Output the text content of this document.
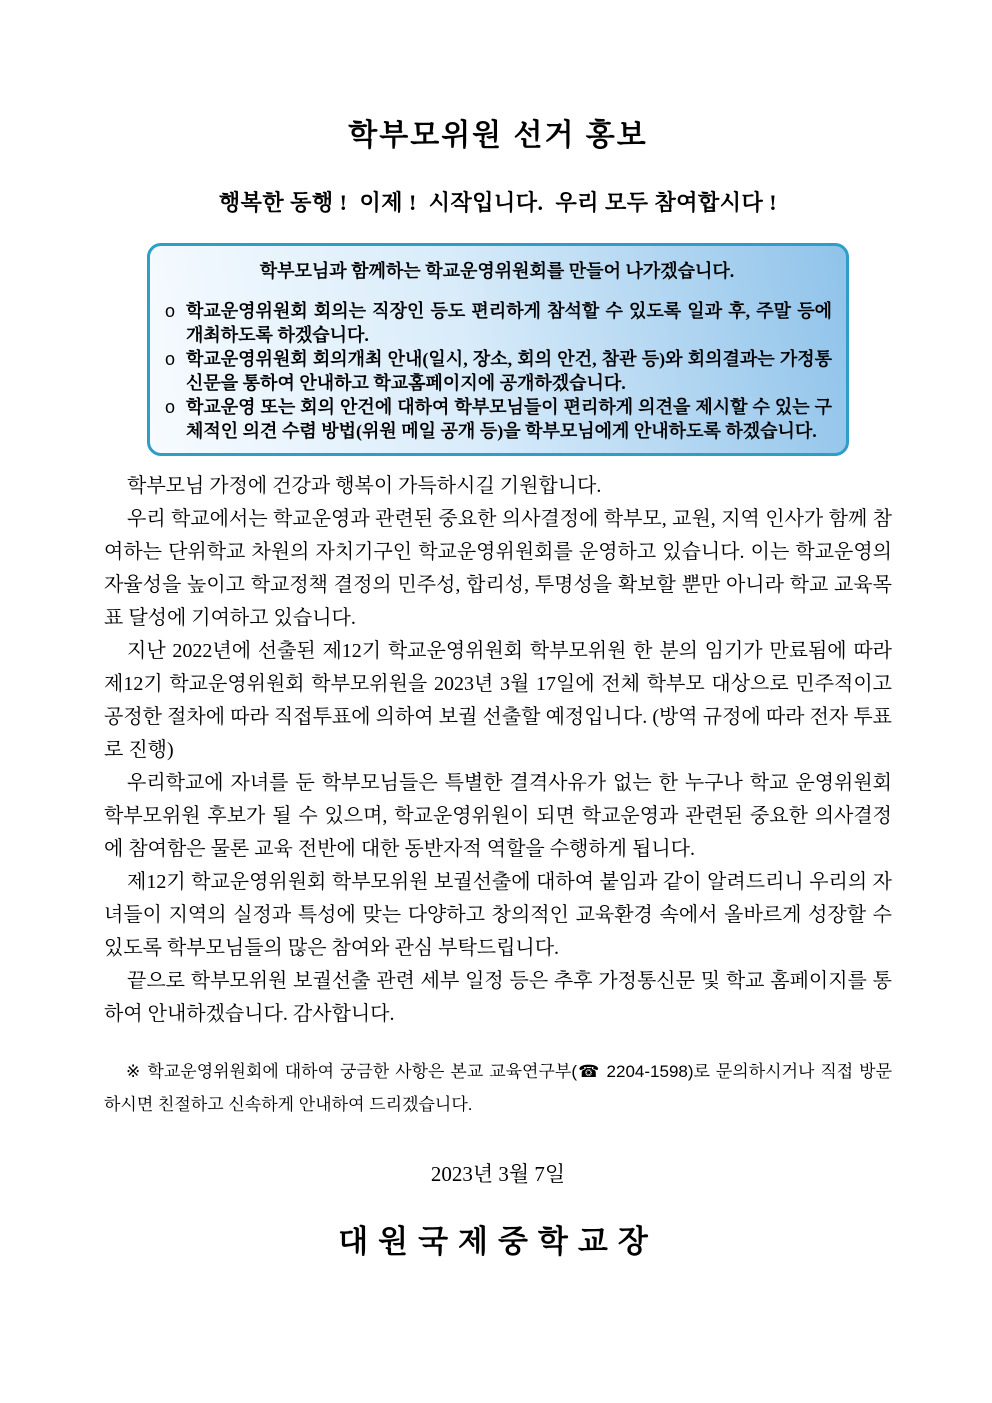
학부모위원 선거 홍보
행복한 동행 !  이제 !  시작입니다.  우리 모두 참여합시다 !
학부모님과 함께하는 학교운영위원회를 만들어 나가겠습니다.
o 학교운영위원회 회의는 직장인 등도 편리하게 참석할 수 있도록 일과 후, 주말 등에 개최하도록 하겠습니다.
o 학교운영위원회 회의개최 안내(일시, 장소, 회의 안건, 참관 등)와 회의결과는 가정통신문을 통하여 안내하고 학교홈페이지에 공개하겠습니다.
o 학교운영 또는 회의 안건에 대하여 학부모님들이 편리하게 의견을 제시할 수 있는 구체적인 의견 수렴 방법(위원 메일 공개 등)을 학부모님에게 안내하도록 하겠습니다.

학부모님 가정에 건강과 행복이 가득하시길 기원합니다.

우리 학교에서는 학교운영과 관련된 중요한 의사결정에 학부모, 교원, 지역 인사가 함께 참여하는 단위학교 차원의 자치기구인 학교운영위원회를 운영하고 있습니다. 이는 학교운영의 자율성을 높이고 학교정책 결정의 민주성, 합리성, 투명성을 확보할 뿐만 아니라 학교 교육목표 달성에 기여하고 있습니다.

지난 2022년에 선출된 제12기 학교운영위원회 학부모위원 한 분의 임기가 만료됨에 따라 제12기 학교운영위원회 학부모위원을 2023년 3월 17일에 전체 학부모 대상으로 민주적이고 공정한 절차에 따라 직접투표에 의하여 보궐 선출할 예정입니다. (방역 규정에 따라 전자 투표로 진행)

우리학교에 자녀를 둔 학부모님들은 특별한 결격사유가 없는 한 누구나 학교 운영위원회 학부모위원 후보가 될 수 있으며, 학교운영위원이 되면 학교운영과 관련된 중요한 의사결정에 참여함은 물론 교육 전반에 대한 동반자적 역할을 수행하게 됩니다.

제12기 학교운영위원회 학부모위원 보궐선출에 대하여 붙임과 같이 알려드리니 우리의 자녀들이 지역의 실정과 특성에 맞는 다양하고 창의적인 교육환경 속에서 올바르게 성장할 수 있도록 학부모님들의 많은 참여와 관심 부탁드립니다.

끝으로 학부모위원 보궐선출 관련 세부 일정 등은 추후 가정통신문 및 학교 홈페이지를 통하여 안내하겠습니다. 감사합니다.

※ 학교운영위원회에 대하여 궁금한 사항은 본교 교육연구부(☎ 2204-1598)로 문의하시거나 직접 방문하시면 친절하고 신속하게 안내하여 드리겠습니다.
2023년 3월 7일
대원국제중학교장
